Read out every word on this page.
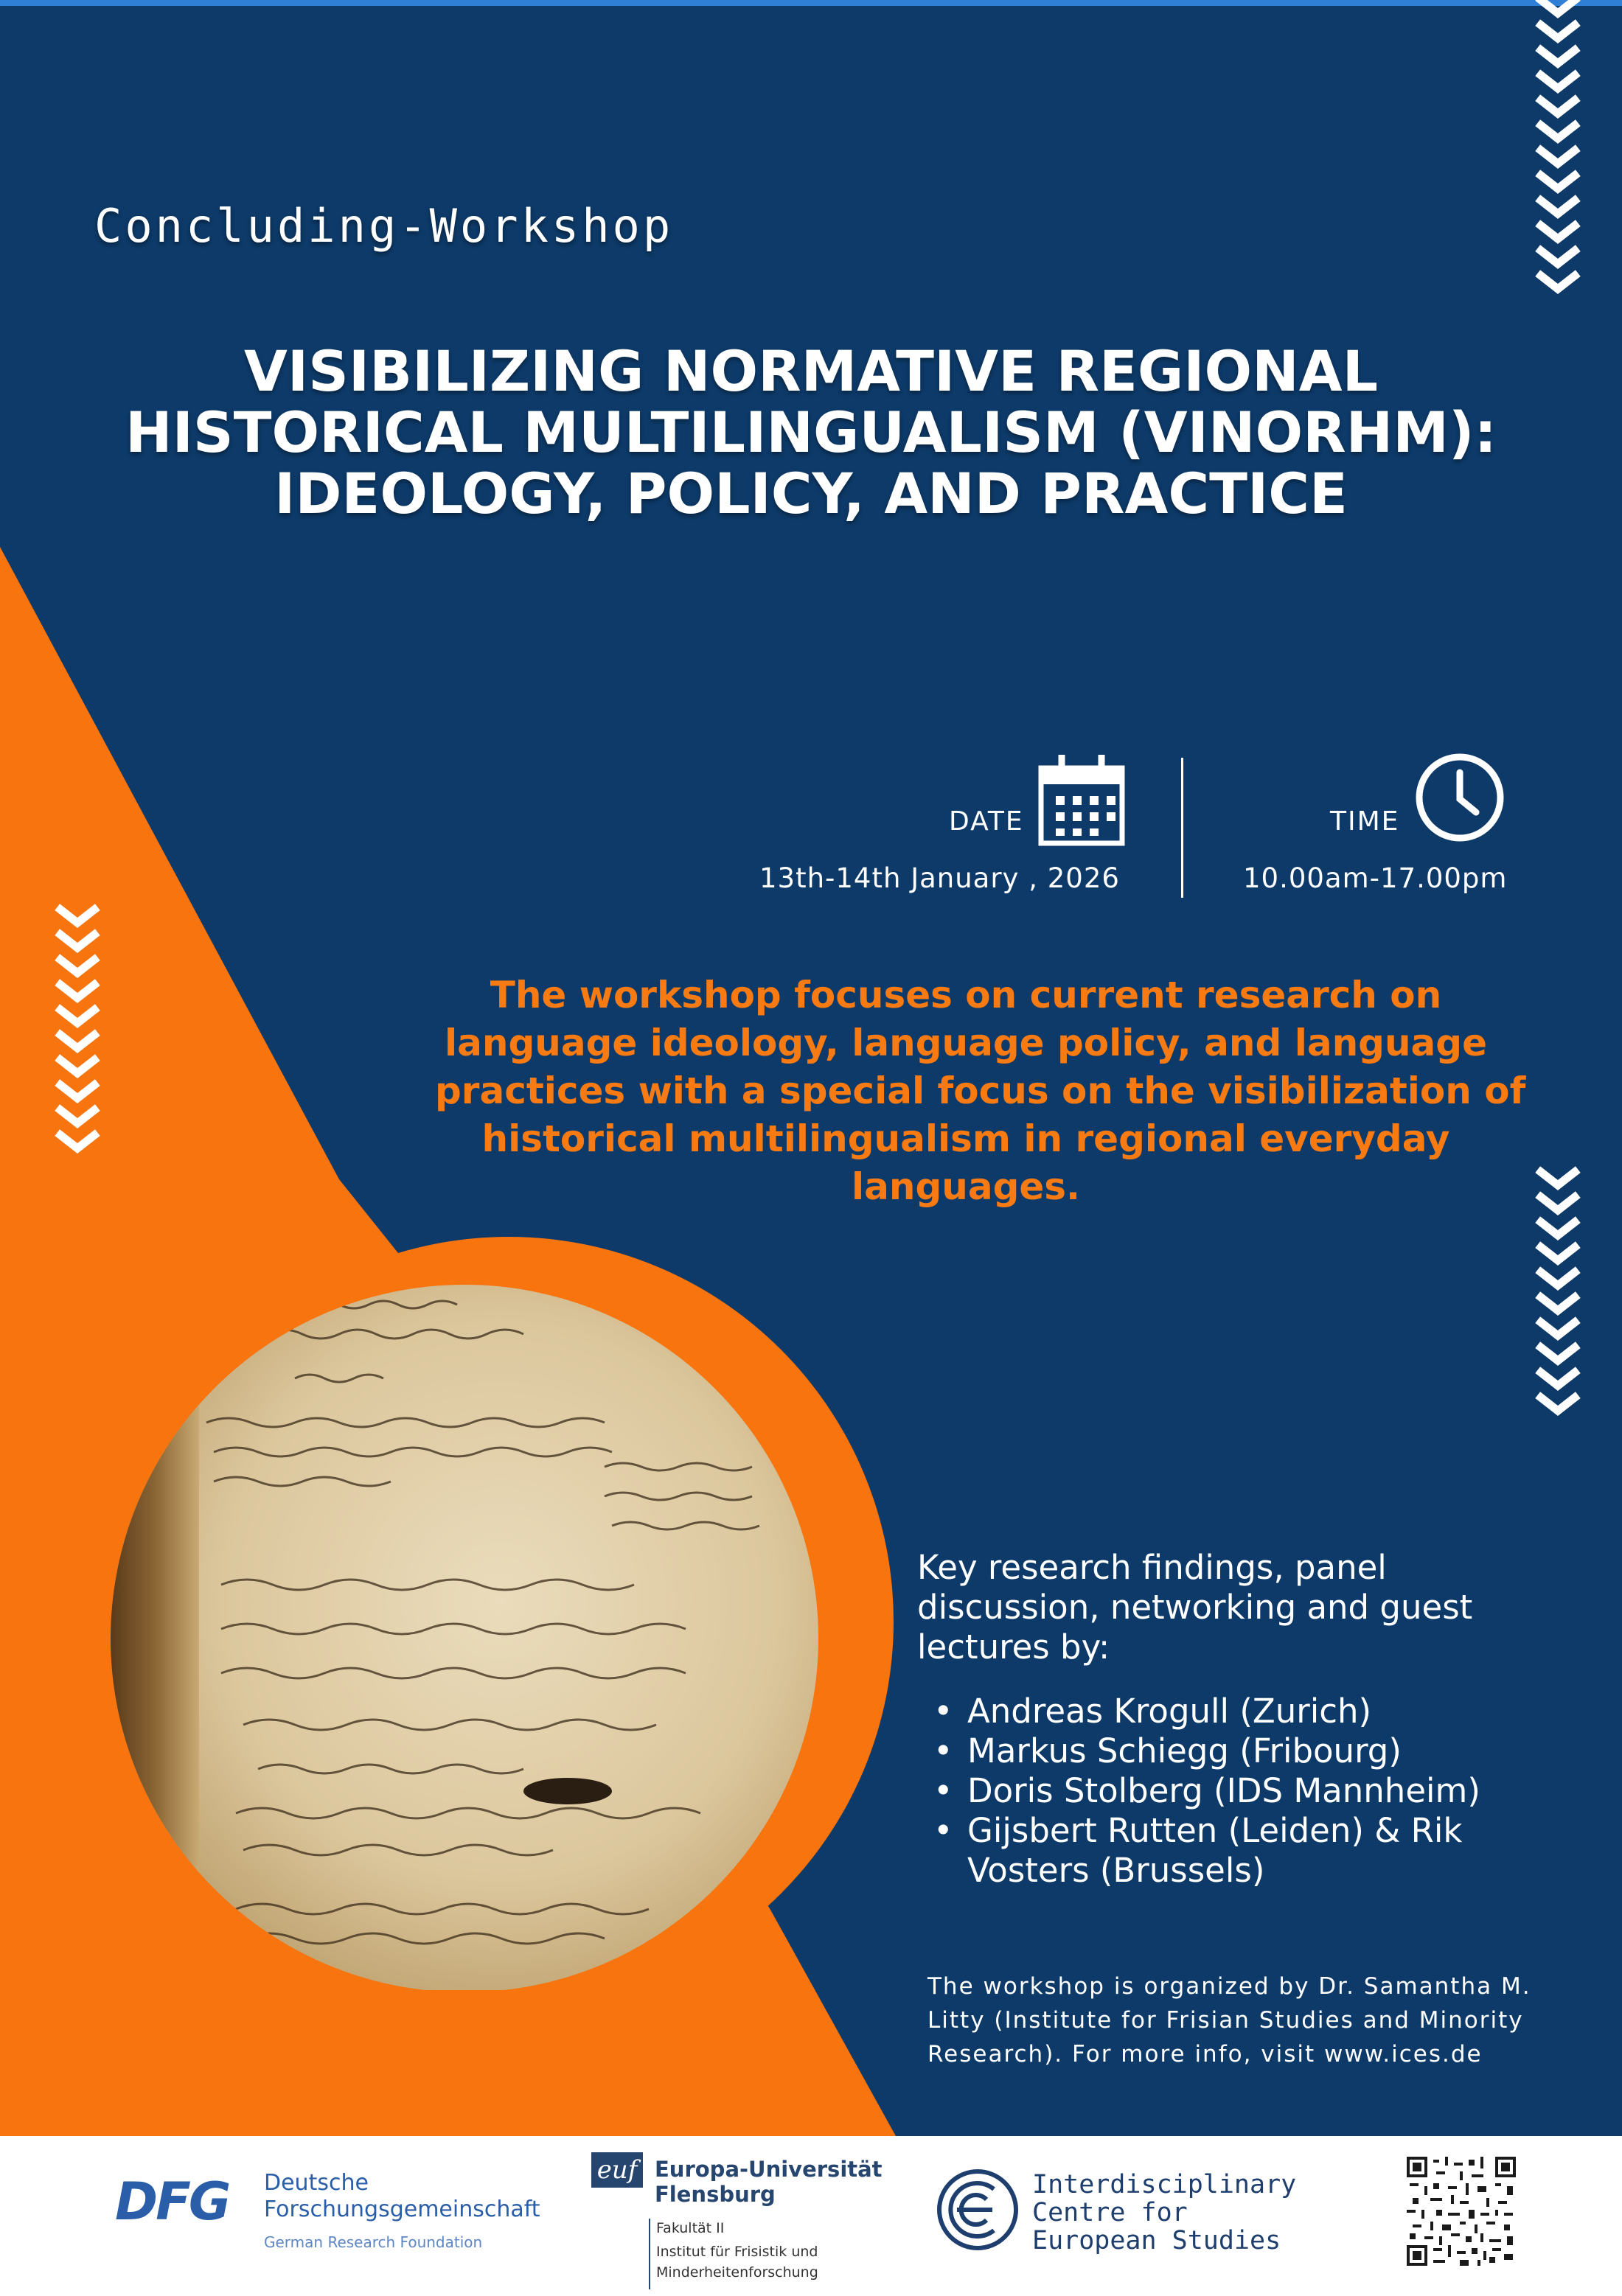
Concluding-Workshop
VISIBILIZING NORMATIVE REGIONAL
HISTORICAL MULTILINGUALISM (VINORHM):
IDEOLOGY, POLICY, AND PRACTICE
DATE
13th-14th January , 2026
TIME
10.00am-17.00pm
The workshop focuses on current research on
language ideology, language policy, and language
practices with a special focus on the visibilization of
historical multilingualism in regional everyday
languages.
Key research findings, panel
discussion, networking and guest
lectures by:
• Andreas Krogull (Zurich)
• Markus Schiegg (Fribourg)
• Doris Stolberg (IDS Mannheim)
• Gijsbert Rutten (Leiden) & Rik
Vosters (Brussels)
The workshop is organized by Dr. Samantha M.
Litty (Institute for Frisian Studies and Minority
Research). For more info, visit www.ices.de
DFG Deutsche
Forschungsgemeinschaft
German Research Foundation
euf Europa-Universität
Flensburg
Fakultät II
Institut für Frisistik und
Minderheitenforschung
Interdisciplinary
Centre for
European Studies
